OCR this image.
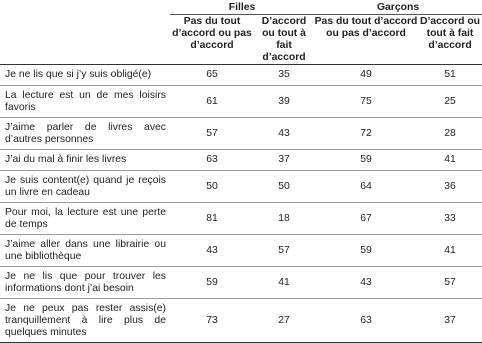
	Filles		Garçons	
	Pas du tout d’accord ou pas d’accord	D’accord ou tout à fait d’accord	Pas du tout d’accord ou pas d’accord	D’accord ou tout à fait d’accord
Je ne lis que si j’y suis obligé(e)	65	35	49	51
La lecture est un de mes loisirs favoris	61	39	75	25
J’aime parler de livres avec d’autres personnes	57	43	72	28
J’ai du mal à finir les livres	63	37	59	41
Je suis content(e) quand je reçois un livre en cadeau	50	50	64	36
Pour moi, la lecture est une perte de temps	81	18	67	33
J’aime aller dans une librairie ou une bibliothèque	43	57	59	41
Je ne lis que pour trouver les informations dont j’ai besoin	59	41	43	57
Je ne peux pas rester assis(e) tranquillement à lire plus de quelques minutes	73	27	63	37
